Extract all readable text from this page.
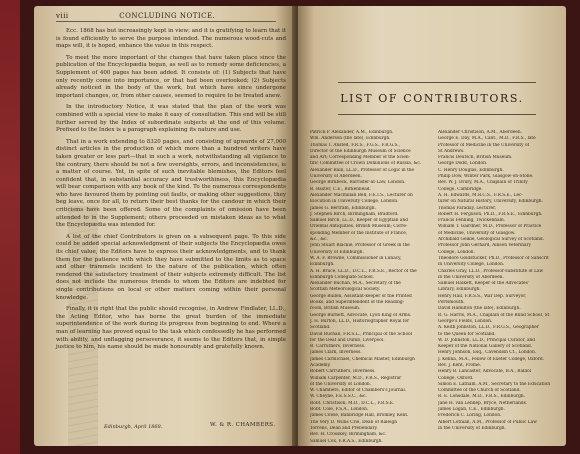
viii	CONCLUDING NOTICE.

Ecc. 1868 has but increasingly kept in view; and it is gratifying to learn that it is found efficiently to serve the purpose intended. The numerous wood-cuts and maps will, it is hoped, enhance the value in this respect.

To meet the more important of the changes that have taken place since the publication of the Encyclopædia began, as well as to remedy some deficiencies, a Supplement of 400 pages has been added. It consists of: (1) Subjects that have only recently come into importance, or that had been overlooked; (2) Subjects already noticed in the body of the work, but which have since undergone important changes, or, from other causes, seemed to require to be treated anew.

In the introductory Notice, it was stated that the plan of the work was combined with a special view to make it easy of consultation. This end will be still further served by the Index of subordinate subjects at the end of this volume. Prefixed to the Index is a paragraph explaining its nature and use.

That in a work extending to 8320 pages, and consisting of upwards of 27,000 distinct articles in the production of which more than a hundred writers have taken greater or less part—that in such a work, notwithstanding all vigilance to the contrary, there should be not a few oversights, errors, and inconsistencies, is a matter of course. Yet, in spite of such inevitable blemishes, the Editors feel confident that, in substantial accuracy and trustworthiness, this Encyclopædia will bear comparison with any book of the kind. To the numerous correspondents who have favoured them by pointing out faults, or making other suggestions, they beg leave, once for all, to return their best thanks for the candour in which their criticisms have been offered. Some of the complaints of omission have been attended to in the Supplement; others proceeded on mistaken ideas as to what the Encyclopædia was intended for.

A list of the chief Contributors is given on a subsequent page. To this side could be added special acknowledgment of their subjects the Encyclopædia owes its chief value, the Editors have to express their acknowledgments, and to thank them for the patience with which they have submitted to the limits as to space and other trammels incident to the nature of the publication, which often rendered the satisfactory treatment of their subjects extremely difficult. The list does not include the numerous friends to whom the Editors are indebted for single contributions on local or other matters coming within their personal knowledge.

Finally, it is right that the public should recognise, in Andrew Findlater, LL.D., the Acting Editor, who has borne the great burden of the immediate superintendence of the work during its progress from beginning to end. Where a man of learning has proved equal to the task which confessedly he has performed with ability, and unflagging perseverance, it seems to the Editors that, in simple justice to him, his name should be made honourably and gratefully known.

Edinburgh, April 1868.	W. & R. CHAMBERS.
LIST OF CONTRIBUTORS.
Patrick P. Alexander, A.M., Edinburgh.
Wm. Anderson (the late), Edinburgh.
Thomas T. Ansted, F.R.S., F.G.S., F.R.G.S.,
Director of the Edinburgh Museum of Science
and Art; Corresponding Member of the Scien-
tific Committee of Crown Dominions of Russia, &c.
Alexander Bain, LL.D., Professor of Logic in the
University of Aberdeen.
George Birkbeck, Barrister-at-Law, London.
R. Baxter, C.E., Birkenhead.
Alexander Macmillan Bell, F.E.I.S., Lecturer on
Elocution in University College, London.
James G. Bertram, Edinburgh.
J. Stephen Birch, Birmingham, Bradford.
Samuel Birch, LL.D., Keeper of Egyptian and
Oriental Antiquities, British Museum; Corre-
sponding Member of the Institute of France,
&c., &c.
John Stuart Blackie, Professor of Greek in the
University of Edinburgh.
W. A. F. Browne, Commissioner in Lunacy,
Edinburgh.
A. H. Bruce, LL.D., D.C.L., F.R.S.E., Rector of the
Edinburgh Collegiate School.
Alexander Buchan, M.A., Secretary of the
Scottish Meteorological Society.
George Bullen, Assistant-keeper of the Printed
Books, and Superintendent of the Reading-
room, British Museum.
George Burnett, Advocate, Lyon King of Arms.
J. H. Burton, LL.D., Historiographer Royal for
Scotland.
David Buchan, F.R.S.L., Principal of the School
for the Deaf and Dumb, Liverpool.
R. Carruthers, Inverness.
James Clark, Inverness.
James Carmichael, Chemical Master, Edinburgh
Academy.
Robert Carruthers, Inverness.
William Carpenter, M.D., F.R.S., Registrar
of the University of London.
W. Chambers, Editor of Chambers's Journal.
W. Cheyne, F.E.S.S.C., &c.
Robt. Christison, M.D., D.C.L., F.R.S.E.
Robt. Cole, F.S.A., London.
James Cowie, Banbridge Hall, Bromley, Kent.
The Very D. Willis Crie, Dean of Raleigh
Torrens, Dean and Prebendary.
Rev. H. Crosskey, Birmingham, &c.
Samuel Cox, F.R.A.S., Edinburgh.
Alexander Christison, A.M., Aberdeen.
George E. Day, M.A., Cant., M.D., F.R.S., late
Professor of Medicine in the University of
St Andrews.
Francis Deutsch, British Museum.
George Dodd, London.
C. Henry Douglas, Edinburgh.
Philip Dow, Winter Park, Glasgow-on-Stone.
Rev. W. J. Drury, M.A., Chaplain of Trinity
College, Cambridge.
A. H. Edwards, M.R.C.S., F.R.S.E., Lec-
turer on Natural History, University, Edinburgh.
Thomas Faraday, Lecturer.
Robert H. Ferguson, Ph.D., F.R.S.E., Edinburgh.
Francis Fenning, Twickenham.
William T. Gairdner, M.D., Professor of Practice
of Medicine, University of Glasgow.
Archibald Geikie, Geological Survey of Scotland.
Professor John Gerhard, Allison Veterinary
College, London.
Theodore Goldstücker, Ph.D., Professor of Sanscrit
in University College, London.
Charles Gray, LL.D., Professor-substitute of Law
in the University of Aberdeen.
Samuel Halkett, Keeper of the Advocates'
Library, Edinburgh.
Henry Hall, F.R.S.S., War Dep. Surveyor,
Portsmouth.
David Hamilton (the late), Edinburgh.
R. G. Harris, M.A., Chaplain of the Blind School, St
George's Fields, London.
A. Keith Johnston, LL.D., F.R.G.S., Geographer
to the Queen for Scotland.
W. D. Johnston, LL.D., Principal Curator, and
Keeper of the National Gallery of Scotland.
Henry Johnson, Esq., Cavendish Ct., London.
J. Kenna, M.A., Fellow of Exeter College, Oxford.
Rev. J. Kent, Frome.
Henry B. Lancaster, Advocate, B.A., Balliol
College, Oxford.
Simon E. Latham, A.M., Secretary to the Education
Committee of the Church of Scotland.
R. E. Lonsdale, M.D., F.R.S., Edinburgh.
Jane H. van Lennep, Bryce, Netherlands.
James Logan, C.E., Edinburgh.
Frederick C. Loring, London.
Albert Lothian, A.M., Professor of Public Law
in the University of Edinburgh.
